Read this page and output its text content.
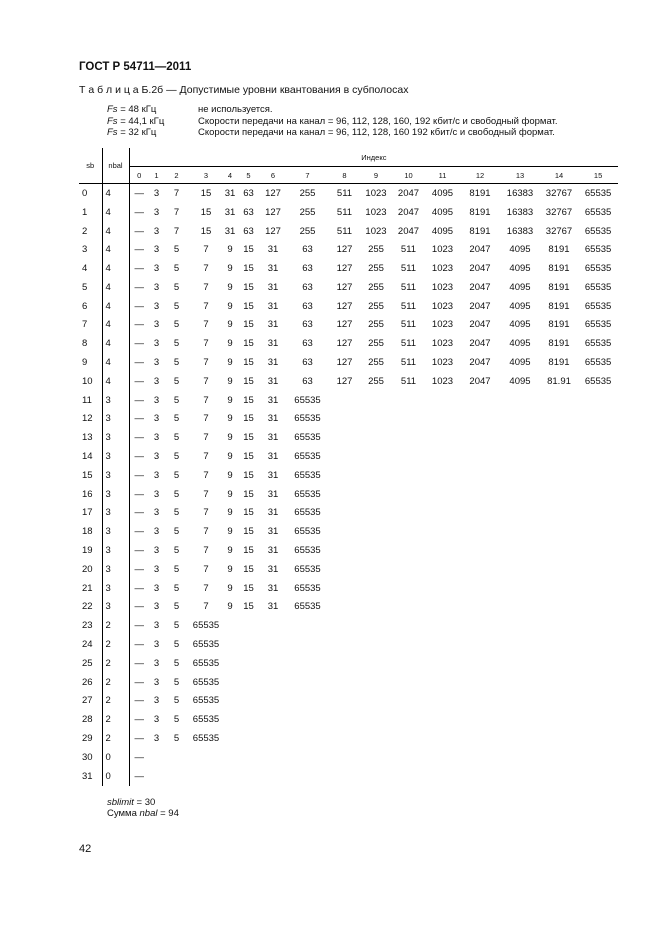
ГОСТ Р 54711—2011
Т а б л и ц а Б.2б — Допустимые уровни квантования в субполосах
Fs = 48 кГц	не используется.
Fs = 44,1 кГц	Скорости передачи на канал = 96, 112, 128, 160, 192 кбит/с и свободный формат.
Fs = 32 кГц	Скорости передачи на канал = 96, 112, 128, 160 192 кбит/с и свободный формат.
sb	nbal	Индекс															
		0	1	2	3	4	5	6	7	8	9	10	11	12	13	14	15
0	4	—	3	7	15	31	63	127	255	511	1023	2047	4095	8191	16383	32767	65535
1	4	—	3	7	15	31	63	127	255	511	1023	2047	4095	8191	16383	32767	65535
2	4	—	3	7	15	31	63	127	255	511	1023	2047	4095	8191	16383	32767	65535
3	4	—	3	5	7	9	15	31	63	127	255	511	1023	2047	4095	8191	65535
4	4	—	3	5	7	9	15	31	63	127	255	511	1023	2047	4095	8191	65535
5	4	—	3	5	7	9	15	31	63	127	255	511	1023	2047	4095	8191	65535
6	4	—	3	5	7	9	15	31	63	127	255	511	1023	2047	4095	8191	65535
7	4	—	3	5	7	9	15	31	63	127	255	511	1023	2047	4095	8191	65535
8	4	—	3	5	7	9	15	31	63	127	255	511	1023	2047	4095	8191	65535
9	4	—	3	5	7	9	15	31	63	127	255	511	1023	2047	4095	8191	65535
10	4	—	3	5	7	9	15	31	63	127	255	511	1023	2047	4095	81.91	65535
11	3	—	3	5	7	9	15	31	65535								
12	3	—	3	5	7	9	15	31	65535								
13	3	—	3	5	7	9	15	31	65535								
14	3	—	3	5	7	9	15	31	65535								
15	3	—	3	5	7	9	15	31	65535								
16	3	—	3	5	7	9	15	31	65535								
17	3	—	3	5	7	9	15	31	65535								
18	3	—	3	5	7	9	15	31	65535								
19	3	—	3	5	7	9	15	31	65535								
20	3	—	3	5	7	9	15	31	65535								
21	3	—	3	5	7	9	15	31	65535								
22	3	—	3	5	7	9	15	31	65535								
23	2	—	3	5	65535												
24	2	—	3	5	65535												
25	2	—	3	5	65535												
26	2	—	3	5	65535												
27	2	—	3	5	65535												
28	2	—	3	5	65535												
29	2	—	3	5	65535												
30	0	—															
31	0	—															
sblimit = 30
Сумма nbal = 94
42
